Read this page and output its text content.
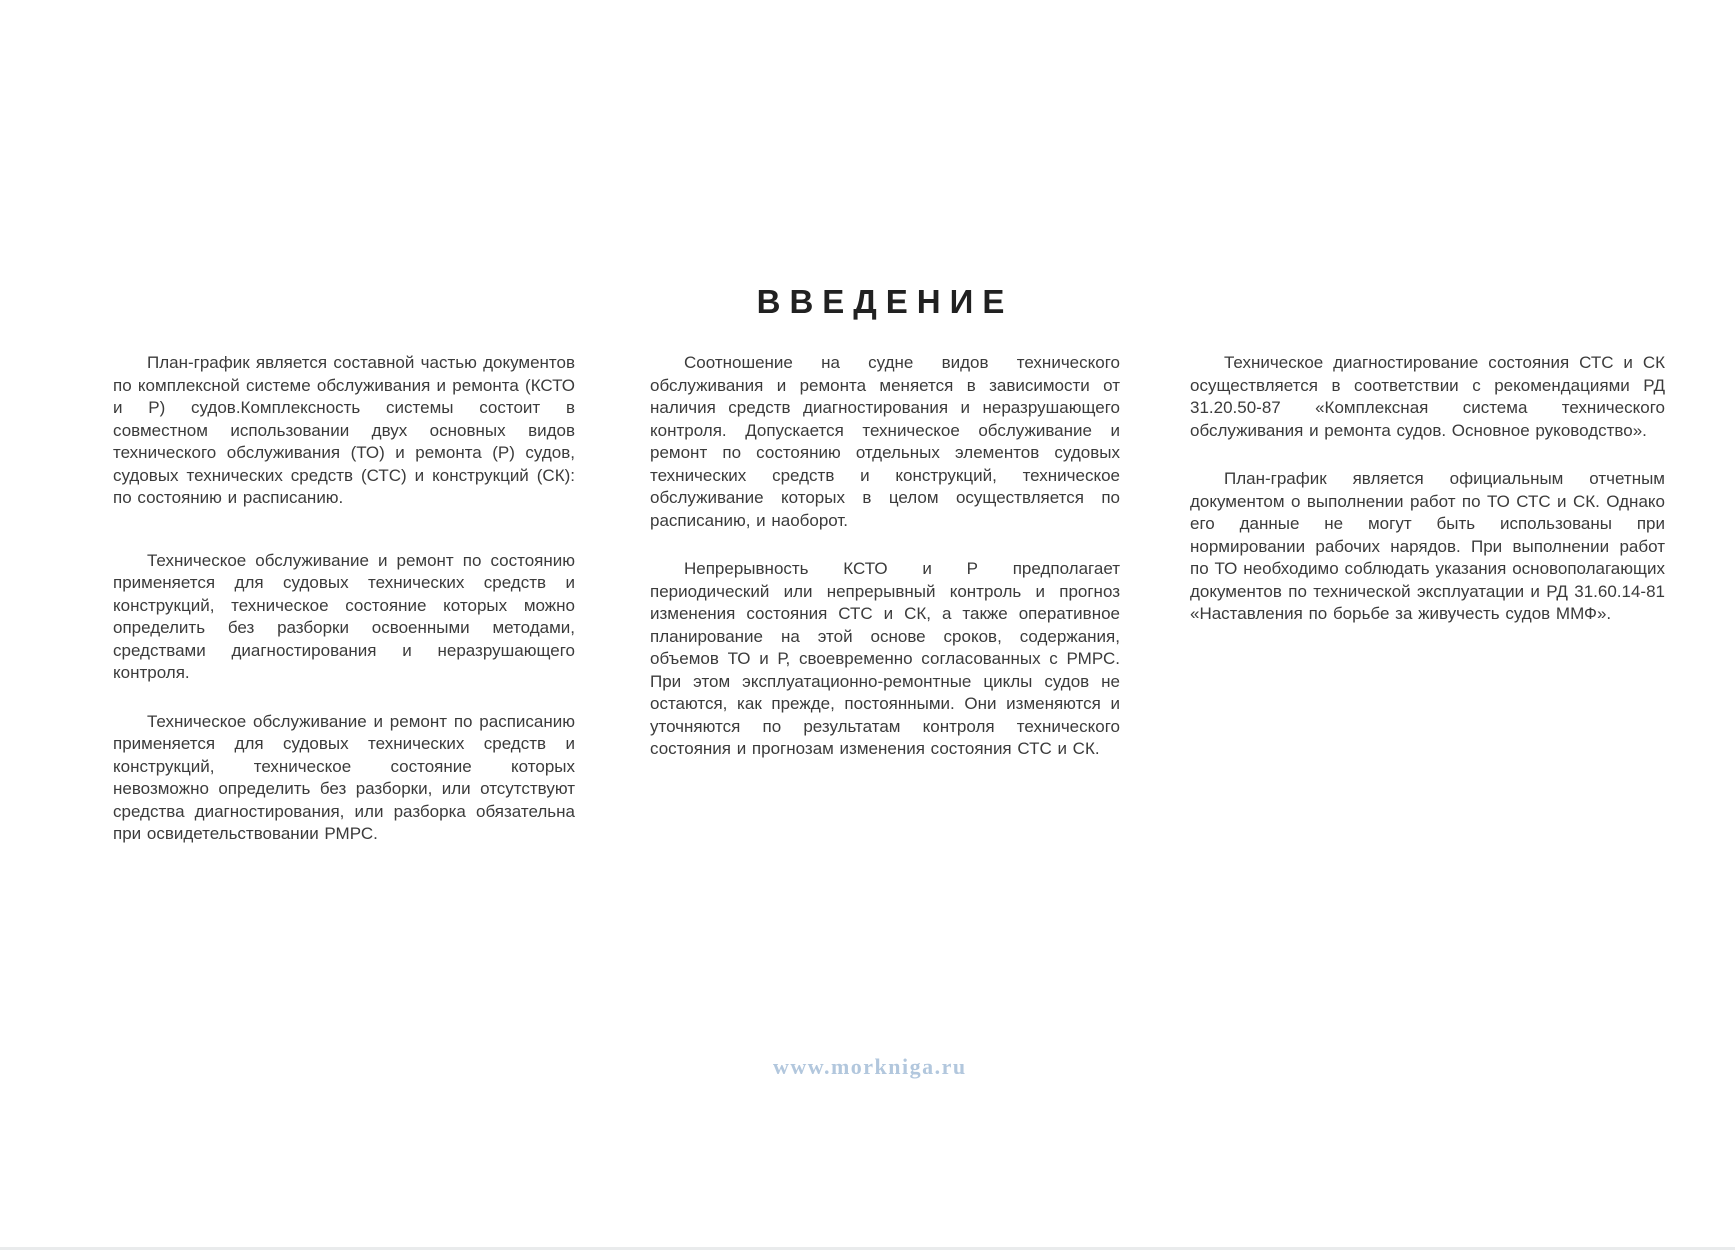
ВВЕДЕНИЕ

План-график является составной частью документов по комплексной системе обслуживания и ремонта (КСТО и Р) судов.Комплексность системы состоит в совместном использовании двух основных видов технического обслуживания (ТО) и ремонта (Р) судов, судовых технических средств (СТС) и конструкций (СК): по состоянию и расписанию.

Техническое обслуживание и ремонт по состоянию применяется для судовых технических средств и конструкций, техническое состояние которых можно определить без разборки освоенными методами, средствами диагностирования и неразрушающего контроля.

Техническое обслуживание и ремонт по расписанию применяется для судовых технических средств и конструкций, техническое состояние которых невозможно определить без разборки, или отсутствуют средства диагностирования, или разборка обязательна при освидетельствовании РМРС.

Соотношение на судне видов технического обслуживания и ремонта меняется в зависимости от наличия средств диагностирования и неразрушающего контроля. Допускается техническое обслуживание и ремонт по состоянию отдельных элементов судовых технических средств и конструкций, техническое обслуживание которых в целом осуществляется по расписанию, и наоборот.

Непрерывность КСТО и Р предполагает периодический или непрерывный контроль и прогноз изменения состояния СТС и СК, а также оперативное планирование на этой основе сроков, содержания, объемов ТО и Р, своевременно согласованных с РМРС. При этом эксплуатационно-ремонтные циклы судов не остаются, как прежде, постоянными. Они изменяются и уточняются по результатам контроля технического состояния и прогнозам изменения состояния СТС и СК.

Техническое диагностирование состояния СТС и СК осуществляется в соответствии с рекомендациями РД 31.20.50-87 «Комплексная система технического обслуживания и ремонта судов. Основное руководство».

План-график является официальным отчетным документом о выполнении работ по ТО СТС и СК. Однако его данные не могут быть использованы при нормировании рабочих нарядов. При выполнении работ по ТО необходимо соблюдать указания основополагающих документов по технической эксплуатации и РД 31.60.14-81 «Наставления по борьбе за живучесть судов ММФ».

www.morkniga.ru
